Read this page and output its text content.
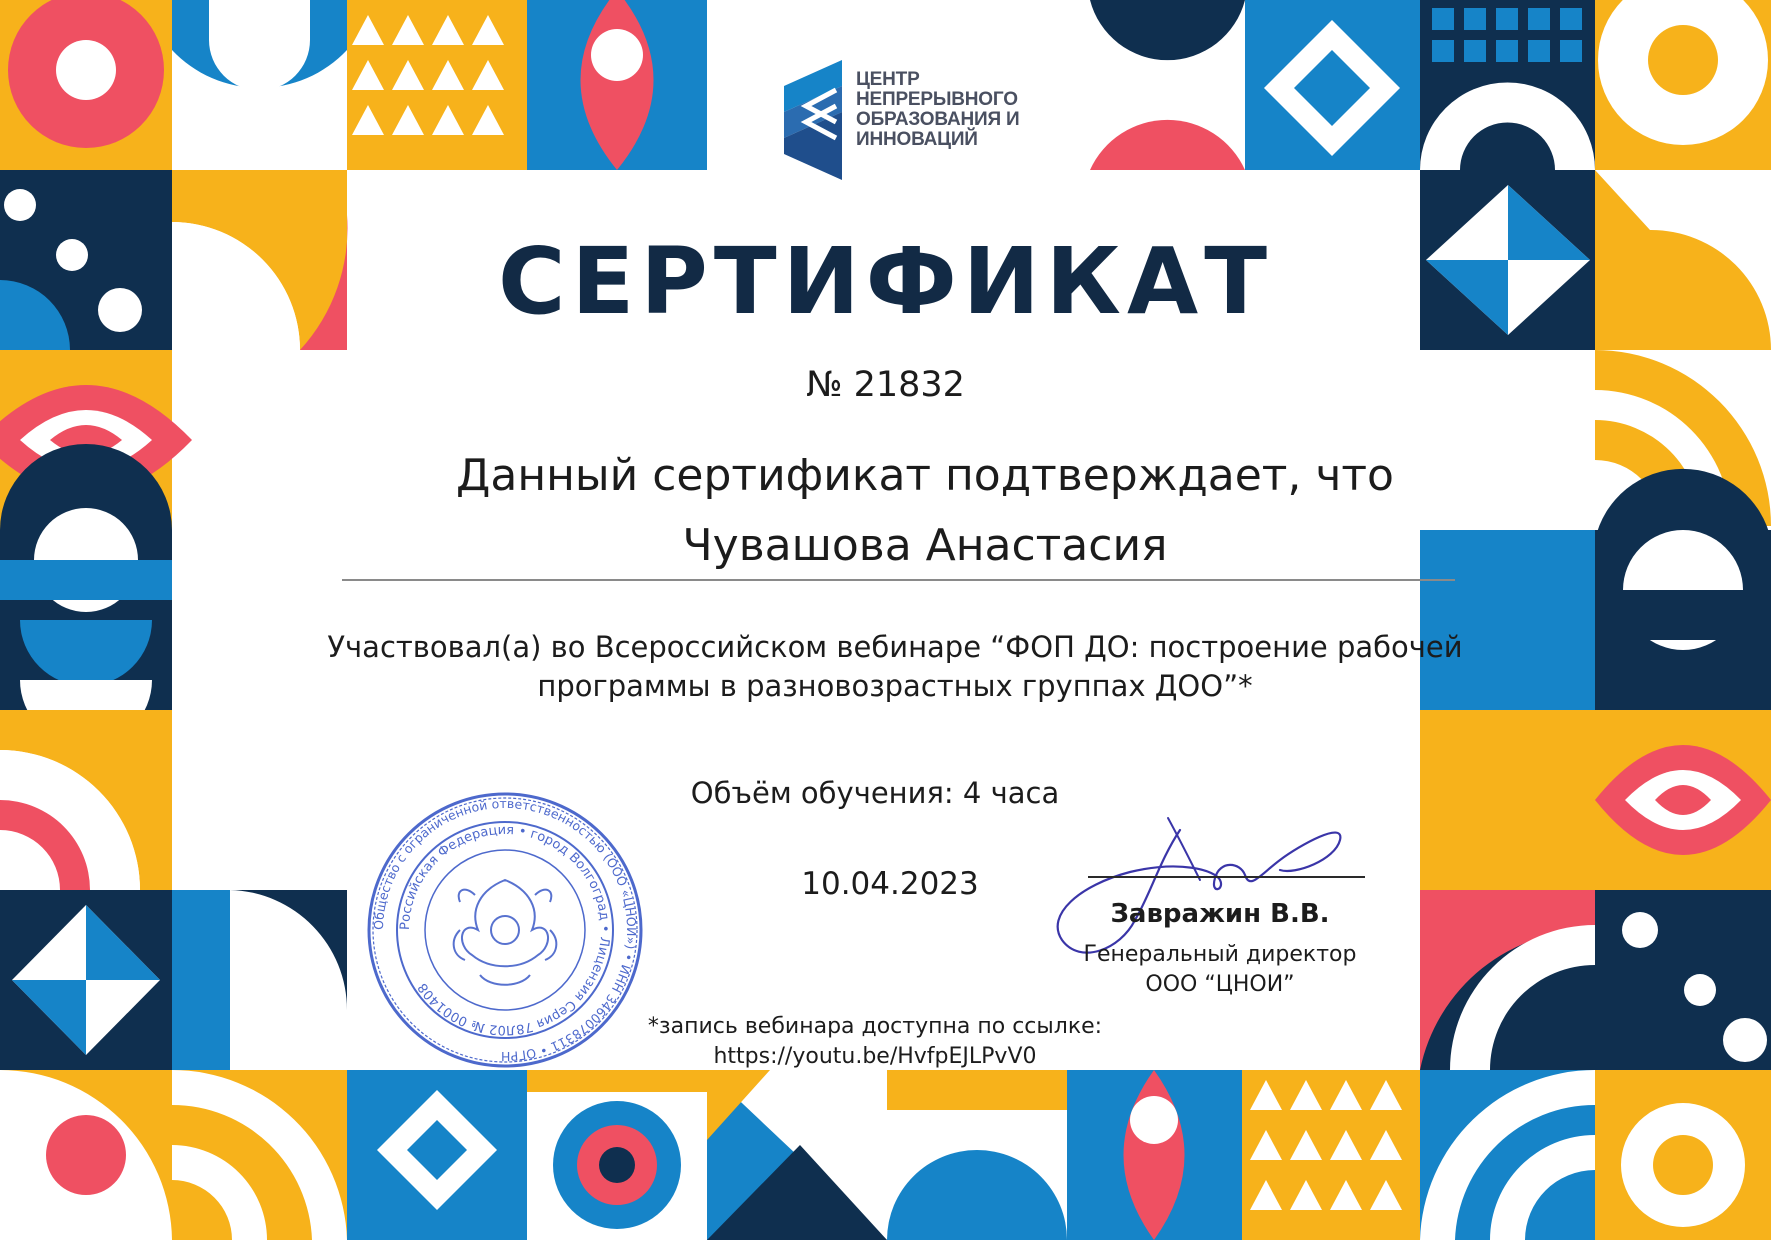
ЦЕНТР
НЕПРЕРЫВНОГО
ОБРАЗОВАНИЯ И
ИННОВАЦИЙ
СЕРТИФИКАТ
№ 21832
Данный сертификат подтверждает, что
Чувашова Анастасия
Участвовал(а) во Всероссийском вебинаре “ФОП ДО: построение рабочей программы в разновозрастных группах ДОО”*
Объём обучения: 4 часа
10.04.2023
Общество с ограниченной ответственностью (ООО «ЦНОИ») • ИНН 3460078311 • ОГРН
Российская Федерация • город Волгоград • Лицензия Серия 78Л02 № 0001408
Завражин В.В.
Генеральный директор
ООО “ЦНОИ”
*запись вебинара доступна по ссылке:
https://youtu.be/HvfpEJLPvV0
